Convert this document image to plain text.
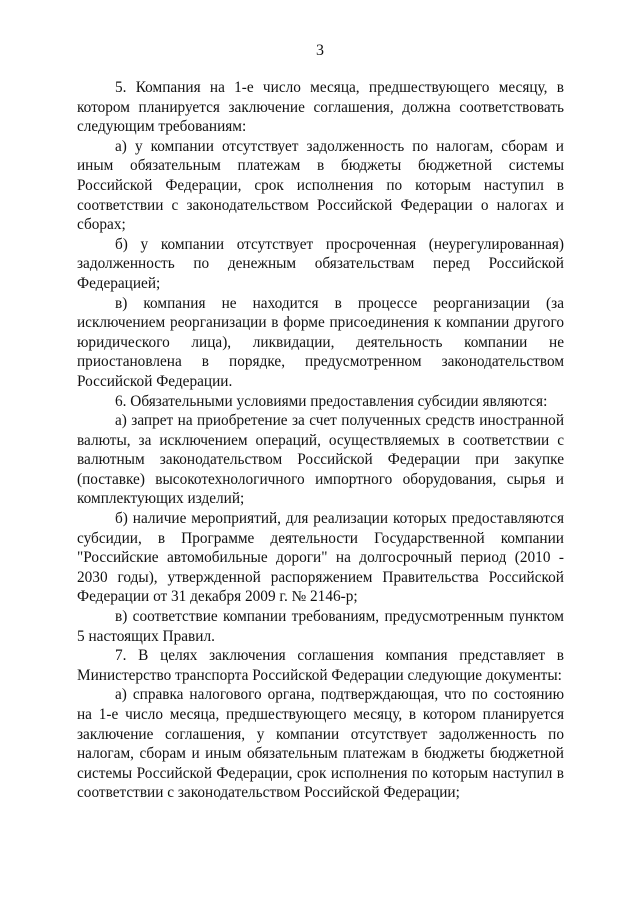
3

5. Компания на 1-е число месяца, предшествующего месяцу, в котором планируется заключение соглашения, должна соответствовать следующим требованиям:

а) у компании отсутствует задолженность по налогам, сборам и иным обязательным платежам в бюджеты бюджетной системы Российской Федерации, срок исполнения по которым наступил в соответствии с законодательством Российской Федерации о налогах и сборах;

б) у компании отсутствует просроченная (неурегулированная) задолженность по денежным обязательствам перед Российской Федерацией;

в) компания не находится в процессе реорганизации (за исключением реорганизации в форме присоединения к компании другого юридического лица), ликвидации, деятельность компании не приостановлена в порядке, предусмотренном законодательством Российской Федерации.

6. Обязательными условиями предоставления субсидии являются:

а) запрет на приобретение за счет полученных средств иностранной валюты, за исключением операций, осуществляемых в соответствии с валютным законодательством Российской Федерации при закупке (поставке) высокотехнологичного импортного оборудования, сырья и комплектующих изделий;

б) наличие мероприятий, для реализации которых предоставляются субсидии, в Программе деятельности Государственной компании "Российские автомобильные дороги" на долгосрочный период (2010 - 2030 годы), утвержденной распоряжением Правительства Российской Федерации от 31 декабря 2009 г. № 2146-р;

в) соответствие компании требованиям, предусмотренным пунктом 5 настоящих Правил.

7. В целях заключения соглашения компания представляет в Министерство транспорта Российской Федерации следующие документы:

а) справка налогового органа, подтверждающая, что по состоянию на 1-е число месяца, предшествующего месяцу, в котором планируется заключение соглашения, у компании отсутствует задолженность по налогам, сборам и иным обязательным платежам в бюджеты бюджетной системы Российской Федерации, срок исполнения по которым наступил в соответствии с законодательством Российской Федерации;
